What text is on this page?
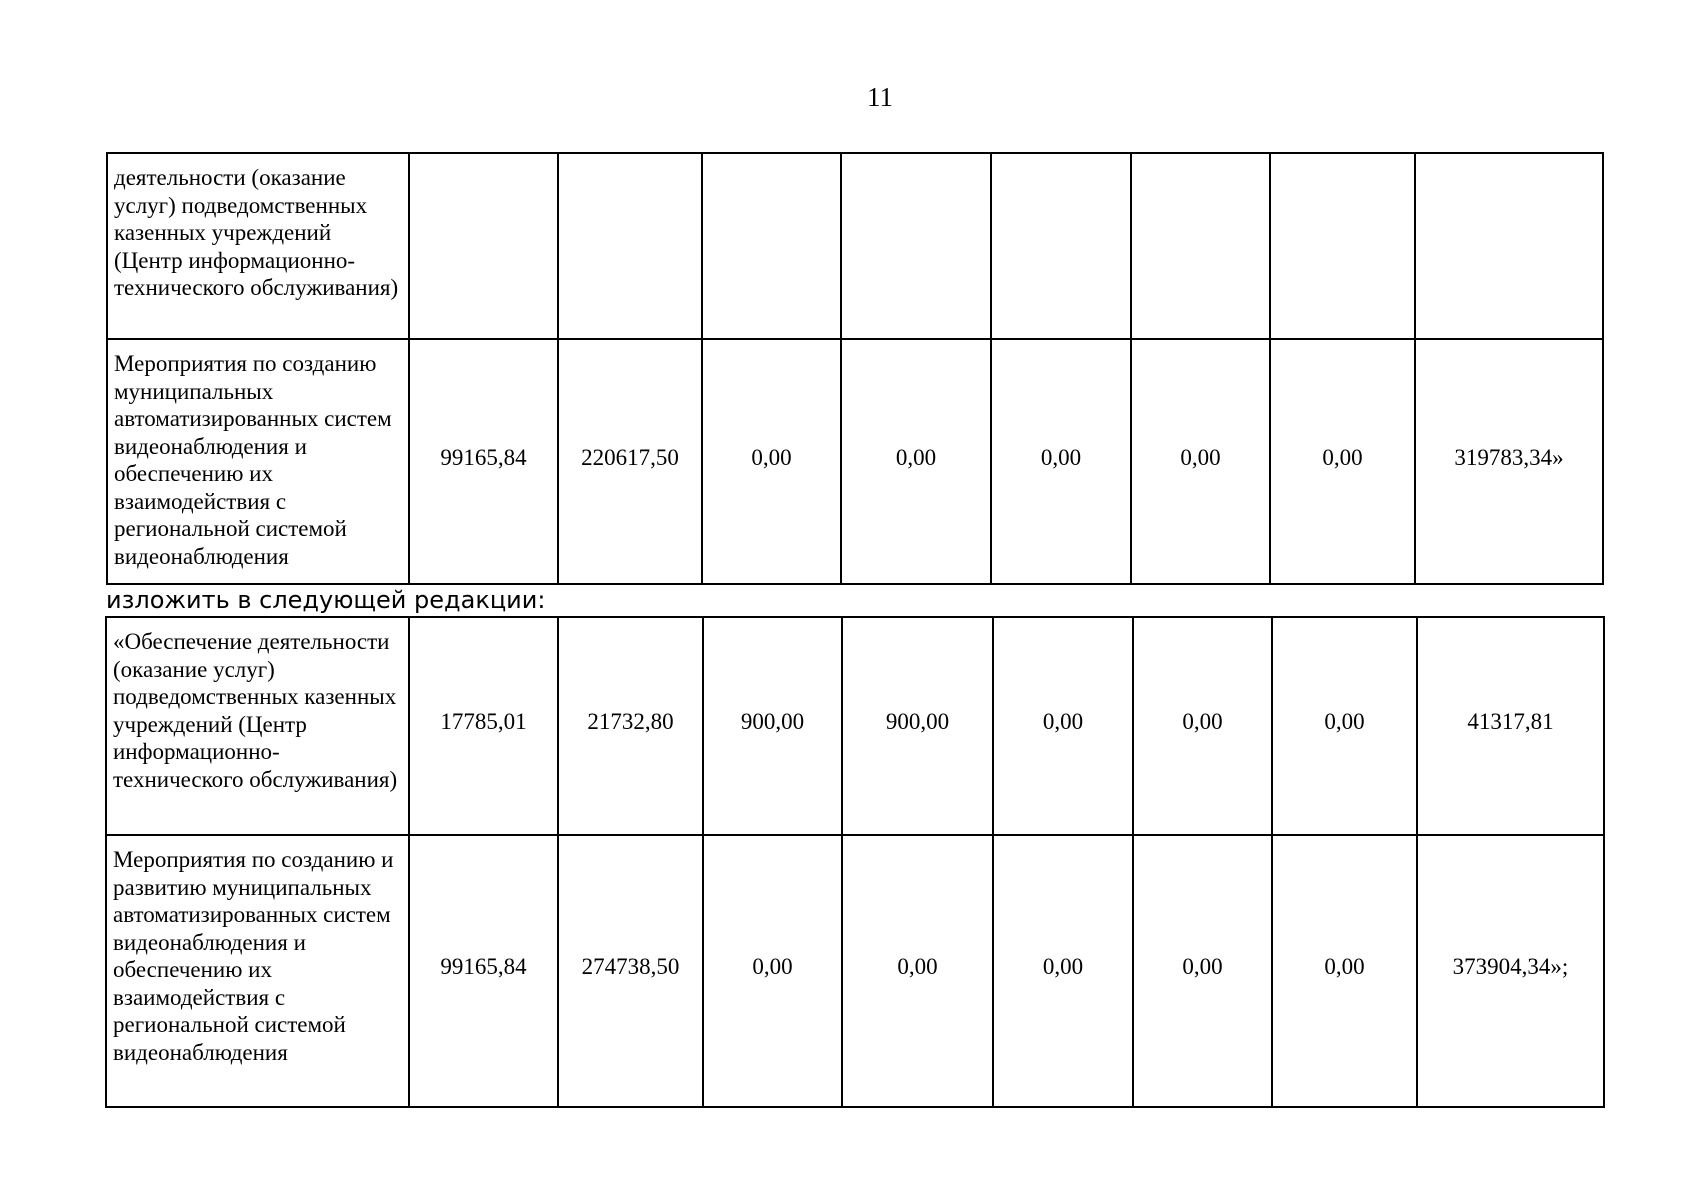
11
деятельности (оказание услуг) подведомственных казенных учреждений (Центр информационно-технического обслуживания)								
Мероприятия по созданию муниципальных автоматизированных систем видеонаблюдения и обеспечению их взаимодействия с региональной системой видеонаблюдения	99165,84	220617,50	0,00	0,00	0,00	0,00	0,00	319783,34»
изложить в следующей редакции:
«Обеспечение деятельности (оказание услуг) подведомственных казенных учреждений (Центр информационно-технического обслуживания)	17785,01	21732,80	900,00	900,00	0,00	0,00	0,00	41317,81
Мероприятия по созданию и развитию муниципальных автоматизированных систем видеонаблюдения и обеспечению их взаимодействия с региональной системой видеонаблюдения	99165,84	274738,50	0,00	0,00	0,00	0,00	0,00	373904,34»;
